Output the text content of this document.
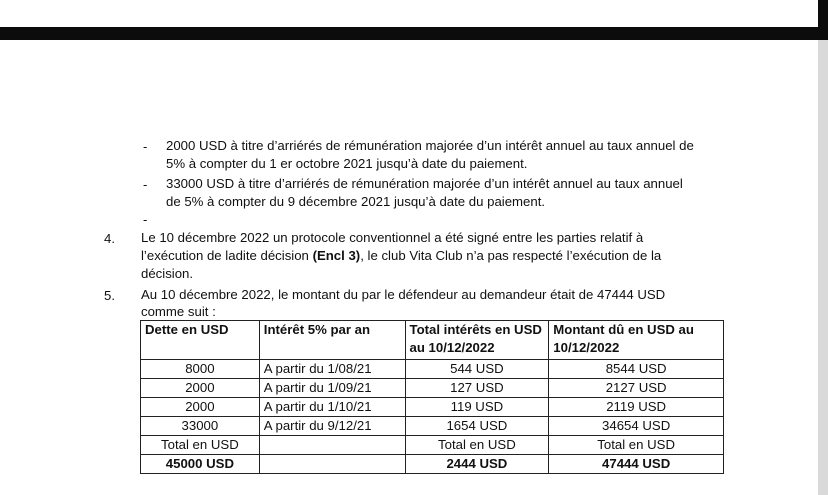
- 2000 USD à titre d’arriérés de rémunération majorée d’un intérêt annuel au taux annuel de
5% à compter du 1 er octobre 2021 jusqu’à date du paiement.
- 33000 USD à titre d’arriérés de rémunération majorée d’un intérêt annuel au taux annuel
de 5% à compter du 9 décembre 2021 jusqu’à date du paiement.
-
4. Le 10 décembre 2022 un protocole conventionnel a été signé entre les parties relatif à
l’exécution de ladite décision (Encl 3), le club Vita Club n’a pas respecté l’exécution de la
décision.
5. Au 10 décembre 2022, le montant du par le défendeur au demandeur était de 47444 USD
comme suit :
Dette en USD	Intérêt 5% par an	Total intérêts en USD au 10/12/2022	Montant dû en USD au 10/12/2022
8000	A partir du 1/08/21	544 USD	8544 USD
2000	A partir du 1/09/21	127 USD	2127 USD
2000	A partir du 1/10/21	119 USD	2119 USD
33000	A partir du 9/12/21	1654 USD	34654 USD
Total en USD		Total en USD	Total en USD
45000 USD		2444 USD	47444 USD
